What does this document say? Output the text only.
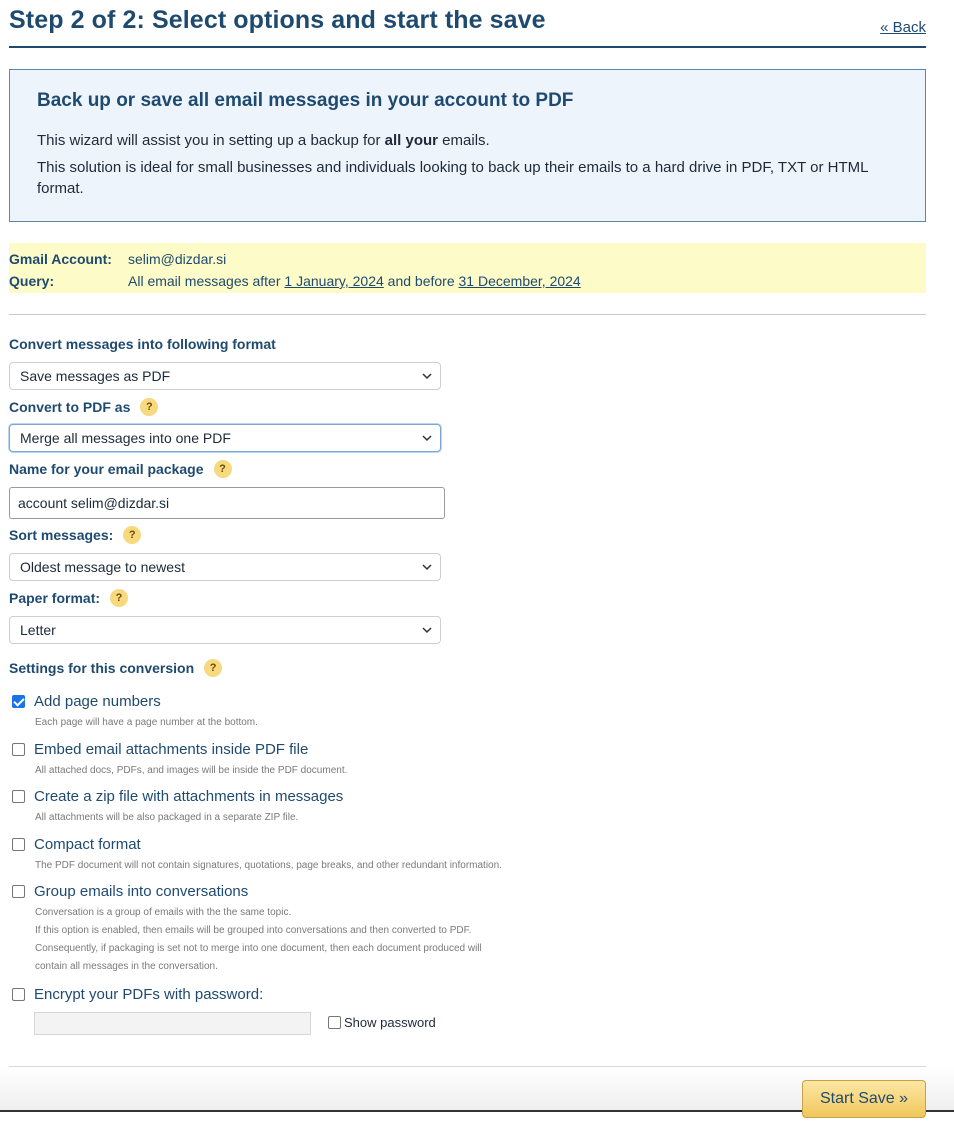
Step 2 of 2: Select options and start the save	« Back
Back up or save all email messages in your account to PDF

This wizard will assist you in setting up a backup for all your emails.

This solution is ideal for small businesses and individuals looking to back up their emails to a hard drive in PDF, TXT or HTML format.

Gmail Account: selim@dizdar.si
Query:	All email messages after 1 January, 2024 and before 31 December, 2024
Convert messages into following format
Save messages as PDF
Convert to PDF as ?
Merge all messages into one PDF
Name for your email package ?
account selim@dizdar.si
Sort messages: ?
Oldest message to newest
Paper format: ?
Letter
Settings for this conversion ?
Add page numbers
Each page will have a page number at the bottom.
Embed email attachments inside PDF file
All attached docs, PDFs, and images will be inside the PDF document.
Create a zip file with attachments in messages
All attachments will be also packaged in a separate ZIP file.
Compact format
The PDF document will not contain signatures, quotations, page breaks, and other redundant information.
Group emails into conversations
Conversation is a group of emails with the the same topic.
If this option is enabled, then emails will be grouped into conversations and then converted to PDF.
Consequently, if packaging is set not to merge into one document, then each document produced will
contain all messages in the conversation.
Encrypt your PDFs with password:
Show password
Start Save »
